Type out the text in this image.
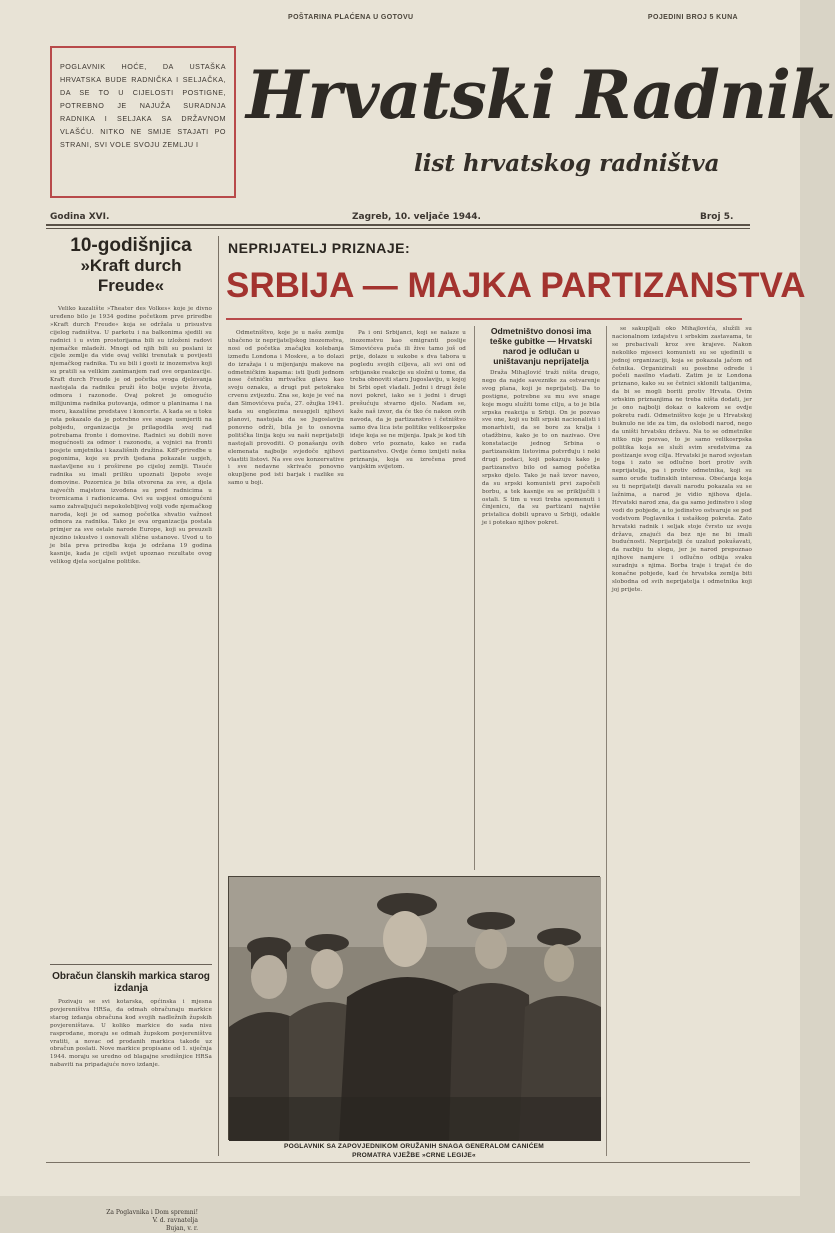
POŠTARINA PLAĆENA U GOTOVU	POJEDINI BROJ 5 KUNA

POGLAVNIK HOĆE, DA USTAŠKA HRVATSKA BUDE RADNIČKA I SELJAČKA, DA SE TO U CIJELOSTI POSTIGNE, POTREBNO JE NAJUŽA SURADNJA RADNIKA I SELJAKA SA DRŽAVNOM VLAŠĆU. NITKO NE SMIJE STAJATI PO STRANI, SVI VOLE SVOJU ZEMLJU I

Hrvatski Radnik
list hrvatskog radništva
Godina XVI.	Zagreb, 10. veljače 1944.	Broj 5.
10-godišnjica
»Kraft durch Freude«

Veliko kazalište »Theater des Volkes« koje je divno uređeno bilo je 1934 godine početkom prve priredbe »Kraft durch Freude« koja se održala u prisustvu cijelog radništva. U parketu i na balkonima sjedili su radnici i u svim prostorijama bili su izloženi radovi njemačke mladeži. Mnogi od njih bili su poslani iz cijele zemlje da vide ovaj veliki trenutak u povijesti njemačkog radnika. Tu su bili i gosti iz inozemstva koji su pratili sa velikim zanimanjem rad ove organizacije. Kraft durch Freude je od početka svoga djelovanja nastojala da radniku pruži što bolje uvjete života, odmora i razonode. Ovaj pokret je omogućio milijunima radnika putovanja, odmor u planinama i na moru, kazališne predstave i koncerte. A kada se u toku rata pokazalo da je potrebno sve snage usmjeriti na pobjedu, organizacija je prilagodila svoj rad potrebama fronte i domovine. Radnici su dobili nove mogućnosti za odmor i razonodu, a vojnici na fronti posjete umjetnika i kazališnih družina. KdF-priredbe u pogonima, koje su prvih tjedana pokazale uspjeh, nastavljene su i proširene po cijeloj zemlji. Tisuće radnika su imali priliku upoznati ljepote svoje domovine. Pozornica je bila otvorena za sve, a djela najvećih majstora izvođena su pred radnicima u tvornicama i radionicama. Ovi su uspjesi omogućeni samo zahvaljujući nepokolebljivoj volji vođe njemačkog naroda, koji je od samog početka shvatio važnost odmora za radnika. Tako je ova organizacija postala primjer za sve ostale narode Europe, koji su preuzeli njezino iskustvo i osnovali slične ustanove. Uvod u to je bila prva priredba koja je održana 19 godina kasnije, kada je cijeli svijet upoznao rezultate ovog velikog djela socijalne politike.

Obračun članskih markica starog izdanja

Pozivaju se svi kotarska, općinska i mjesna povjereništva HRSa, da odmah obračunaju markice starog izdanja obračuna kod svojih nadležnih župskih povjereništava. U koliko markice do sada nisu rasprodane, moraju se odmah župskom povjereništvu vratiti, a novac od prodanih markica takođe uz obračun poslati. Nove markice propisane od 1. siječnja 1944. moraju se uredno od blagajne središnjice HRSa nabaviti na pripadajuće novo izdanje.

Za Poglavnika i Dom spremni!
V. d. ravnatelja
Bujan, v. r.
NEPRIJATELJ PRIZNAJE:
SRBIJA — MAJKA PARTIZANSTVA

Odmetništvo, koje je u našu zemlju ubačeno iz neprijateljskog inozemstva, nosi od početka značajku kolebanja između Londona i Moskve, a to dolazi do izražaja i u mijenjanju makove na odmetničkim kapama: isti ljudi jednom nose četničku mrtvačku glavu kao svoju oznaku, a drugi put petokraku crvenu zvijezdu. Zna se, koje je već na dan Simovićeva puča, 27. ožujka 1941. kada su englezima neuspjeli njihovi planovi, nastojala da se Jugoslaviju ponovno održi, bila je to osnovna politička linija koju su naši neprijatelji nastojali provoditi. O ponašanju ovih elemenata najbolje svjedoče njihovi vlastiti listovi. Na sve ove konzervative i sve nedavne skrivače ponovno okupljene pod isti barjak i razlike su samo u boji.

Pa i oni Srbijanci, koji se nalaze u inozemstvu kao emigranti poslije Simovićeva puča ili žive tamo još od prije, dolaze u sukobe s dva tabora u pogledu svojih ciljeva, ali svi oni od srbijanske reakcije su složni u tome, da treba obnoviti staru Jugoslaviju, u kojoj bi Srbi opet vladali. Jedni i drugi žele novi pokret, iako se i jedni i drugi prešućuju stvarno djelo. Nadam se, kaže naš izvor, da će tko će nakon ovih navoda, da je partizanstvo i četništvo samo dva lica iste politike velikosrpske ideje koja se ne mijenja. Ipak je kod tih dobro vrlo poznato, kako se rađa partizanstvo. Ovdje ćemo iznijeti neka priznanja, koja su izrečena pred vanjskim svijetom.

Odmetništvo donosi ima teške gubitke — Hrvatski narod je odlučan u uništavanju neprijatelja

Draža Mihajlović traži ništa drugo, nego da najde saveznike za ostvarenje svog plana, koji je neprijatelj. Da to postigne, potrebne su mu sve snage koje mogu služiti tome cilju, a to je bila srpska reakcija u Srbiji. On je pozvao sve one, koji su bili srpski nacionalisti i monarhisti, da se bore za kralja i otadžbinu, kako je to on nazivao. Ove konstatacije jednog Srbina o partizanskim listovima potvrđuju i neki drugi podaci, koji pokazuju kako je partizanstvo bilo od samog početka srpsko djelo. Tako je naš izvor naveo, da su srpski komunisti prvi započeli borbu, a tek kasnije su se priključili i ostali. S tim u vezi treba spomenuti i činjenicu, da su partizani najviše pristalica dobili upravo u Srbiji, odakle je i potekao njihov pokret.

se sakupljali oko Mihajlovića, služili su nacionalnom izdajstvu i srbskim zastavama, te se prebacivali kroz sve krajeve. Nakon nekoliko mjeseci komunisti su se ujedinili u jednoj organizaciji, koja se pokazala jačom od četnika. Organizirali su posebne odrede i počeli nasilno vladati. Zatim je iz Londona priznano, kako su se četnici sklonili talijanima, da bi se mogli boriti protiv Hrvata. Ovim srbskim priznanjima ne treba ništa dodati, jer je ono najbolji dokaz o kakvom se ovdje pokretu radi. Odmetništvo koje je u Hrvatskoj buknulo ne ide za tim, da oslobodi narod, nego da uništi hrvatsku državu. Na to se odmetnike nitko nije pozvao, to je samo velikosrpska politika koja se služi svim sredstvima za postizanje svog cilja. Hrvatski je narod svjestan toga i zato se odlučno bori protiv svih neprijatelja, pa i protiv odmetnika, koji su samo oruđe tuđinskih interesa. Obećanja koja su ti neprijatelji davali narodu pokazala su se lažnima, a narod je vidio njihova djela. Hrvatski narod zna, da ga samo jedinstvo i slog vodi do pobjede, a to jedinstvo ostvaruje se pod vodstvom Poglavnika i ustaškog pokreta. Zato hrvatski radnik i seljak stoje čvrsto uz svoju državu, znajući da bez nje ne bi imali budućnosti. Neprijatelji će uzalud pokušavati, da razbiju tu slogu, jer je narod prepoznao njihove namjere i odlučno odbija svaku suradnju s njima. Borba traje i trajat će do konačne pobjede, kad će hrvatska zemlja biti slobodna od svih neprijatelja i odmetnika koji joj prijete.

POGLAVNIK SA ZAPOVJEDNIKOM ORUŽANIH SNAGA GENERALOM CANIĆEM
PROMATRA VJEŽBE »CRNE LEGIJE«
